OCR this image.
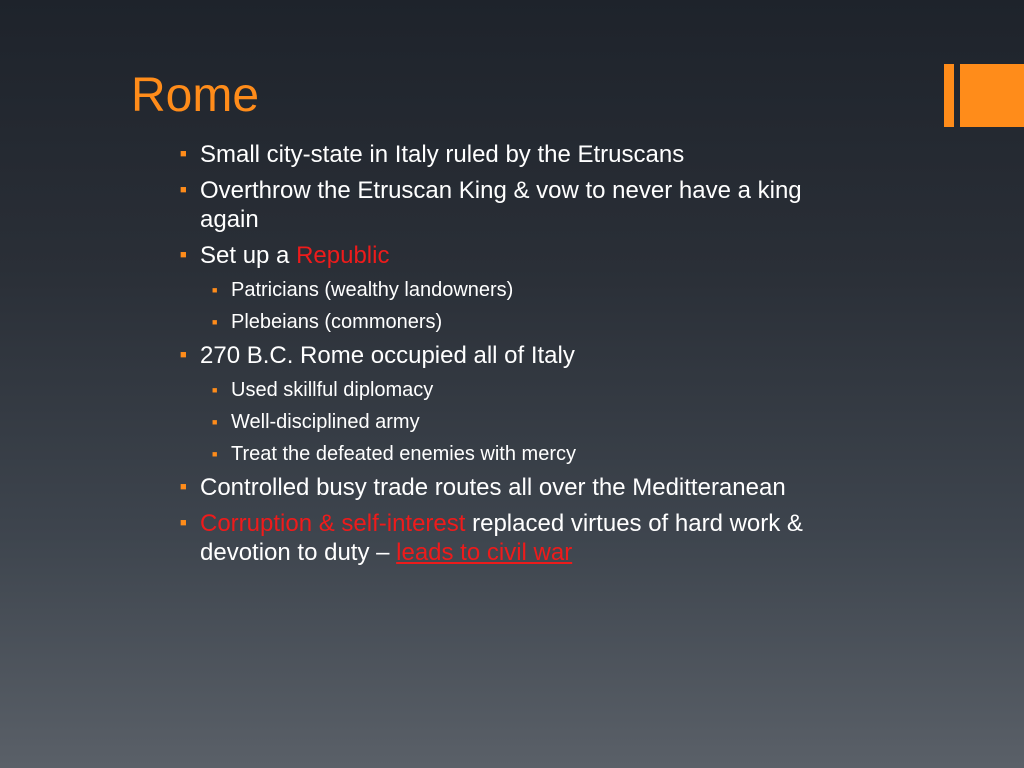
Rome
■ Small city-state in Italy ruled by the Etruscans
■ Overthrow the Etruscan King & vow to never have a king again
■ Set up a Republic
■ Patricians (wealthy landowners)
■ Plebeians (commoners)
■ 270 B.C. Rome occupied all of Italy
■ Used skillful diplomacy
■ Well-disciplined army
■ Treat the defeated enemies with mercy
■ Controlled busy trade routes all over the Meditteranean
■ Corruption & self-interest replaced virtues of hard work & devotion to duty – leads to civil war
